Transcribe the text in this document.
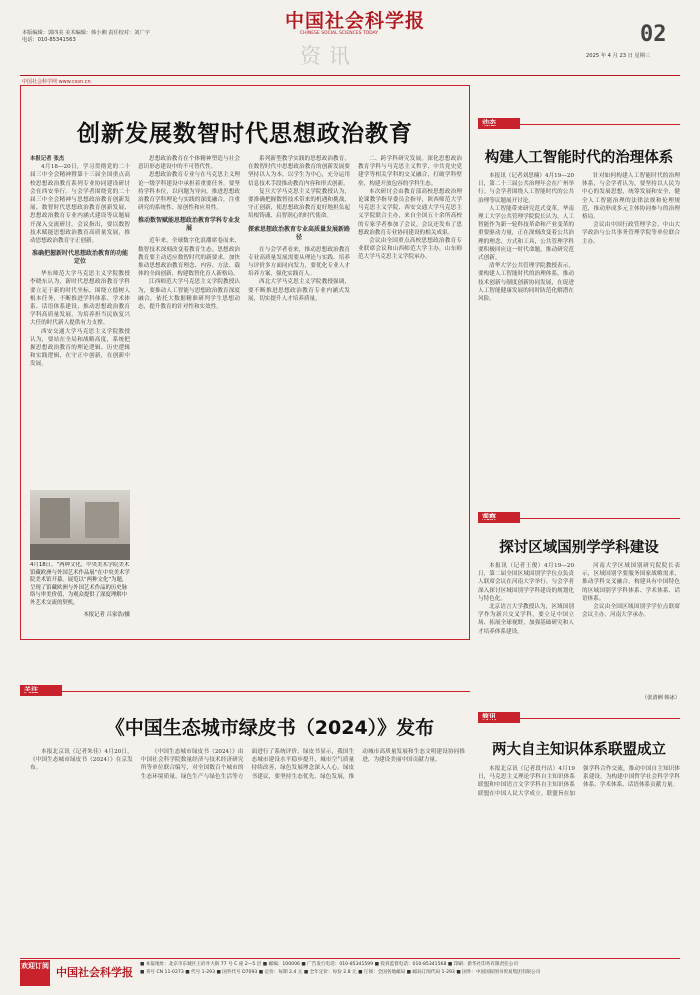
本版编辑：郭四美 美术编辑：韩小湘 责任校对：刘广宇
电话：010-85341563
中国社会科学报
CHINESE SOCIAL SCIENCES TODAY
资讯
02
2025 年 4 月 23 日 星期三
中国社会科学网 www.cssn.cn
创新发展数智时代思想政治教育
本报记者 张杰

4月18—20日，学习贯彻党的二十届三中全会精神暨第十三届全国重点高校思想政治教育系列专业协同建设研讨会在西安举行。与会学者围绕党的二十届三中全会精神与思想政治教育创新发展、数智时代思想政治教育创新发展、思想政治教育专业内涵式建设等议题展开深入交流研讨。会议指出，要以数智技术赋能思想政治教育高质量发展，推动思想政治教育守正创新。

准确把握新时代思想政治教育的功能定位

华东师范大学马克思主义学院教授李晓东认为，新时代思想政治教育学科要立足于新的时代坐标，围绕立德树人根本任务，不断推进学科体系、学术体系、话语体系建设，推动思想政治教育学科高质量发展，为培养担当民族复兴大任的时代新人提供有力支撑。

西安交通大学马克思主义学院教授认为，要站在全局和战略高度，系统把握思想政治教育的理论逻辑、历史逻辑和实践逻辑，在守正中创新，在创新中发展。

思想政治教育在个体精神塑造与社会意识形态建设中的不可替代性。

思想政治教育专业与在马克思主义理论一级学科建设中承担着重要任务。要坚持学科本位，以问题为导向，推进思想政治教育学科理论与实践的深度融合，注重研究的系统性、原创性和应用性。

推动数智赋能思想政治教育学科专业发展

近年来，全球数字化浪潮席卷而来，数智技术深刻改变着教育生态。思想政治教育要主动适应数智时代的新要求，加快推动思想政治教育理念、内容、方法、载体的全面创新，构建数智化育人新格局。

江西师范大学马克思主义学院教授认为，要推动人工智能与思想政治教育深度融合，依托大数据精准研判学生思想动态，提升教育的针对性和实效性。

系列新型教学实践的思想政治教育，在数智时代中思想政治教育的创新发展要坚持以人为本，以学生为中心，充分运用信息技术手段推动教育内容和形式创新。

复旦大学马克思主义学院教授认为，要准确把握数智技术带来的机遇和挑战，守正创新，使思想政治教育更好地担负起培根铸魂、启智润心的时代使命。

探索思想政治教育专业高质量发展新路径

在与会学者看来，推动思想政治教育专业高质量发展需要从理论与实践、培养与评价多方面同向发力，要优化专业人才培养方案，强化实践育人。

西北大学马克思主义学院教授强调，要不断推进思想政治教育专业内涵式发展，切实提升人才培养质量。

二、跨学科研究发展。深化思想政治教育学科与马克思主义哲学、中共党史党建学等相关学科的交叉融合，打破学科壁垒，构建开放包容的学科生态。

本次研讨会由教育部高校思想政治理论课教学指导委员会指导，陕西师范大学马克思主义学院、西安交通大学马克思主义学院联合主办，来自全国五十余所高校的专家学者参加了会议。会议还发布了思想政治教育专业协同建设的相关成果。

会议由全国重点高校思想政治教育专业联席会议和山西师范大学主办，山东师范大学马克思主义学院承办。

4月18日，“两种文化，中央美术学院美术馆藏欧洲与外国艺术作品展”在中央美术学院美术馆开幕。展览以“两种文化”为题，呈现了馆藏欧洲与外国艺术作品的历史脉络与审美价值，为观众提供了深度理解中外艺术交流的契机。
本报记者 吕家浩/摄
动态
构建人工智能时代的治理体系

本报讯（记者刘思楠）4月19—20日，第二十三届公共治理年会在广州举行。与会学者围绕人工智能时代的公共治理等议题展开讨论。

人工智能带来研究范式变革。华南理工大学公共管理学院院长认为，人工智能作为新一轮科技革命和产业变革的重要驱动力量，正在深刻改变着公共治理的理念、方式和工具，公共管理学科要积极回应这一时代命题，推动研究范式创新。

清华大学公共管理学院教授表示，要构建人工智能时代的治理体系，推动技术创新与制度创新协同发展，在促进人工智能健康发展的同时防范化解潜在风险。

针对如何构建人工智能时代的治理体系，与会学者认为，要坚持以人民为中心的发展思想，统筹发展和安全，健全人工智能治理的法律法规和伦理规范，推动形成多元主体协同参与的治理格局。

会议由中国行政管理学会、中山大学政治与公共事务管理学院等单位联合主办。

观察
探讨区域国别学学科建设

本报讯（记者王俊）4月19—20日，第二届全国区域国别学学位点负责人联席会议在河南大学举行。与会学者深入探讨区域国别学学科建设的规划化与特色化。

北京语言大学教授认为，区域国别学作为新兴交叉学科，要立足中国立场、拓展全球视野，加强基础研究和人才培养体系建设。

河南大学区域国别研究院院长表示，区域国别学要服务国家战略需求，推动学科交叉融合，构建具有中国特色的区域国别学学科体系、学术体系、话语体系。

会议由全国区域国别学学位点联席会议主办，河南大学承办。

（张清俐 韩冰）
关注
《中国生态城市绿皮书（2024）》发布

本报北京讯（记者朱佳）4月20日，《中国生态城市绿皮书（2024）》在京发布。

《中国生态城市绿皮书（2024）》由中国社会科学院数量经济与技术经济研究所等单位联合编写，对全国数百个城市的生态环境质量、绿色生产与绿色生活等方面进行了系统评价。绿皮书显示，我国生态城市建设水平稳步提升，城市空气质量持续改善，绿色发展理念深入人心。绿皮书建议，要坚持生态优先、绿色发展，推动城市高质量发展和生态文明建设协同推进，为建设美丽中国贡献力量。

简讯
两大自主知识体系联盟成立

本报北京讯（记者段丹洁）4月19日，马克思主义理论学科自主知识体系联盟和中国语言文学学科自主知识体系联盟在中国人民大学成立。联盟旨在加强学科合作交流，推动中国自主知识体系建设，为构建中国哲学社会科学学科体系、学术体系、话语体系贡献力量。

欢迎订阅 中国社会科学报
■ 本报地址：北京市东城区王府井大街 77 号 C 座 2—5 层 ■ 邮编：100006 ■ 广告发行电话：010-85341599 ■ 投诉监督电话：010-85341568 ■ 印刷：新华社印务有限责任公司
■ 刊号 CN 11-0273 ■ 代号 1-293 ■ 国外代号 D7093 ■ 定价：每期 2.4 元 ■ 全年定价：每份 2.8 元 ■ 订阅：全国各地邮局 ■ 邮局订阅代码 1-293 ■ 国外：中国国际图书贸易集团有限公司
